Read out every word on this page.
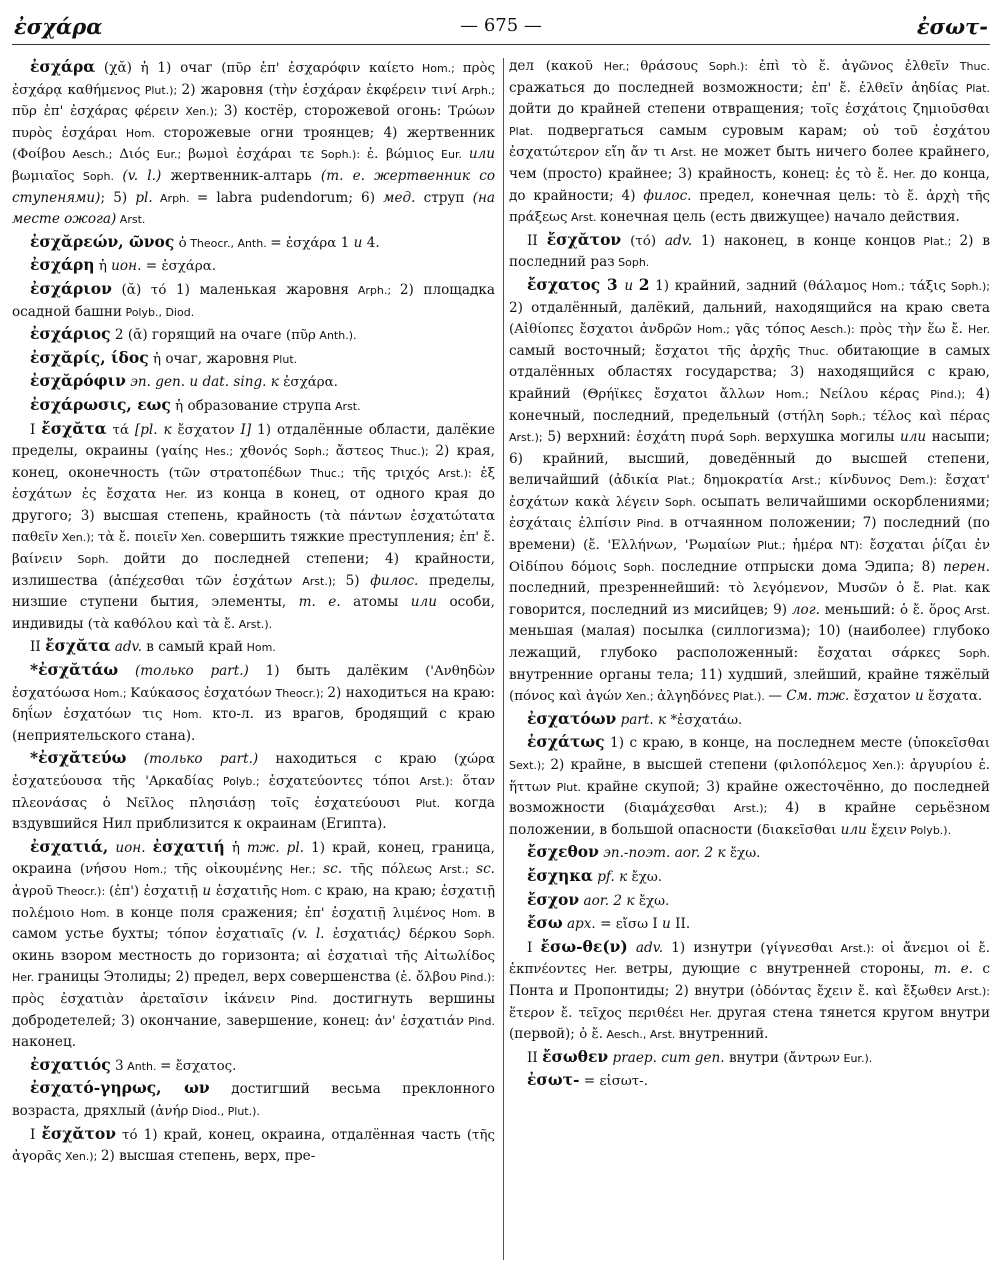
ἐσχάρα	— 675 —	ἐσωτ-

ἐσχάρα (χᾰ) ἡ 1) очаг (πῦρ ἐπ' ἐσχαρόφιν καίετο Hom.; πρὸς ἐσχάρᾳ καθήμενος Plut.); 2) жаровня (τὴν ἐσχάραν ἐκφέρειν τινί Arph.; πῦρ ἐπ' ἐσχάρας φέρειν Xen.); 3) костёр, сторожевой огонь: Τρώων πυρὸς ἐσχάραι Hom. сторожевые огни троянцев; 4) жертвенник (Φοίβου Aesch.; Διός Eur.; βωμοὶ ἐσχάραι τε Soph.): ἐ. βώμιος Eur. или βωμιαῖος Soph. (v. l.) жертвенник-алтарь (т. е. жертвенник со ступенями); 5) pl. Arph. = labra pudendorum; 6) мед. струп (на месте ожога) Arst.

ἐσχᾰρεών, ῶνος ὁ Theocr., Anth. = ἐσχάρα 1 и 4.

ἐσχάρη ἡ ион. = ἐσχάρα.

ἐσχάριον (ᾰ) τό 1) маленькая жаровня Arph.; 2) площадка осадной башни Polyb., Diod.

ἐσχάριος 2 (ᾰ) горящий на очаге (πῦρ Anth.).

ἐσχᾰρίς, ίδος ἡ очаг, жаровня Plut.

ἐσχᾰρόφιν эп. gen. и dat. sing. к ἐσχάρα.

ἐσχάρωσις, εως ἡ образование струпа Arst.

I ἔσχᾰτα τά [pl. к ἔσχατον I] 1) отдалённые области, далёкие пределы, окраины (γαίης Hes.; χθονός Soph.; ἄστεος Thuc.); 2) края, конец, оконечность (τῶν στρατοπέδων Thuc.; τῆς τριχός Arst.): ἐξ ἐσχάτων ἐς ἔσχατα Her. из конца в конец, от одного края до другого; 3) высшая степень, крайность (τὰ πάντων ἐσχατώτατα παθεῖν Xen.); τὰ ἔ. ποιεῖν Xen. совершить тяжкие преступления; ἐπ' ἔ. βαίνειν Soph. дойти до последней степени; 4) крайности, излишества (ἀπέχεσθαι τῶν ἐσχάτων Arst.); 5) филос. пределы, низшие ступени бытия, элементы, т. е. атомы или особи, индивиды (τὰ καθόλου καὶ τὰ ἔ. Arst.).

II ἔσχᾰτα adv. в самый край Hom.

*ἐσχᾰτάω (только part.) 1) быть далёким ('Ανθηδὼν ἐσχατόωσα Hom.; Καύκασος ἐσχατόων Theocr.); 2) находиться на краю: δηΐων ἐσχατόων τις Hom. кто-л. из врагов, бродящий с краю (неприятельского стана).

*ἐσχᾰτεύω (только part.) находиться с краю (χώρα ἐσχατεύουσα τῆς 'Αρκαδίας Polyb.; ἐσχατεύοντες τόποι Arst.): ὅταν πλεονάσας ὁ Νεῖλος πλησιάσῃ τοῖς ἐσχατεύουσι Plut. когда вздувшийся Нил приблизится к окраинам (Египта).

ἐσχατιά, ион. ἐσχατιή ἡ тж. pl. 1) край, конец, граница, окраина (νήσου Hom.; τῆς οἰκουμένης Her.; sc. τῆς πόλεως Arst.; sc. ἀγροῦ Theocr.): (ἐπ') ἐσχατιῇ и ἐσχατιῆς Hom. с краю, на краю; ἐσχατιῇ πολέμοιο Hom. в конце поля сражения; ἐπ' ἐσχατιῇ λιμένος Hom. в самом устье бухты; τόπον ἐσχατιαῖς (v. l. ἐσχατιάς) δέρκου Soph. окинь взором местность до горизонта; αἱ ἐσχατιαὶ τῆς Αἰτωλίδος Her. границы Этолиды; 2) предел, верх совершенства (ἐ. ὄλβου Pind.): πρὸς ἐσχατιὰν ἀρεταῖσιν ἱκάνειν Pind. достигнуть вершины добродетелей; 3) окончание, завершение, конец: ἀν' ἐσχατιάν Pind. наконец.

ἐσχατιός 3 Anth. = ἔσχατος.

ἐσχατό-γηρως, ων достигший весьма преклонного возраста, дряхлый (ἀνήρ Diod., Plut.).

I ἔσχᾰτον τό 1) край, конец, окраина, отдалённая часть (τῆς ἀγορᾶς Xen.); 2) высшая степень, верх, пре-

дел (κακοῦ Her.; θράσους Soph.): ἐπὶ τὸ ἔ. ἀγῶνος ἐλθεῖν Thuc. сражаться до последней возможности; ἐπ' ἔ. ἐλθεῖν ἀηδίας Plat. дойти до крайней степени отвращения; τοῖς ἐσχάτοις ζημιοῦσθαι Plat. подвергаться самым суровым карам; οὐ τοῦ ἐσχάτου ἐσχατώτερον εἴη ἄν τι Arst. не может быть ничего более крайнего, чем (просто) крайнее; 3) крайность, конец: ἐς τὸ ἔ. Her. до конца, до крайности; 4) филос. предел, конечная цель: τὸ ἔ. ἀρχὴ τῆς πράξεως Arst. конечная цель (есть движущее) начало действия.

II ἔσχᾰτον (τό) adv. 1) наконец, в конце концов Plat.; 2) в последний раз Soph.

ἔσχατος 3 и 2 1) крайний, задний (θάλαμος Hom.; τάξις Soph.); 2) отдалённый, далёкий, дальний, находящийся на краю света (Αἰθίοπες ἔσχατοι ἀνδρῶν Hom.; γᾶς τόπος Aesch.): πρὸς τὴν ἕω ἔ. Her. самый восточный; ἔσχατοι τῆς ἀρχῆς Thuc. обитающие в самых отдалённых областях государства; 3) находящийся с краю, крайний (Θρήϊκες ἔσχατοι ἄλλων Hom.; Νείλου κέρας Pind.); 4) конечный, последний, предельный (στήλη Soph.; τέλος καὶ πέρας Arst.); 5) верхний: ἐσχάτη πυρά Soph. верхушка могилы или насыпи; 6) крайний, высший, доведённый до высшей степени, величайший (ἀδικία Plat.; δημοκρατία Arst.; κίνδυνος Dem.): ἔσχατ' ἐσχάτων κακὰ λέγειν Soph. осыпать величайшими оскорблениями; ἐσχάταις ἐλπίσιν Pind. в отчаянном положении; 7) последний (по времени) (ἔ. 'Ελλήνων, 'Ρωμαίων Plut.; ἡμέρα NT): ἔσχαται ῥίζαι ἐν Οἰδίπου δόμοις Soph. последние отпрыски дома Эдипа; 8) перен. последний, презреннейший: τὸ λεγόμενον, Μυσῶν ὁ ἔ. Plat. как говорится, последний из мисийцев; 9) лог. меньший: ὁ ἔ. ὅρος Arst. меньшая (малая) посылка (силлогизма); 10) (наиболее) глубоко лежащий, глубоко расположенный: ἔσχαται σάρκες Soph. внутренние органы тела; 11) худший, злейший, крайне тяжёлый (πόνος καὶ ἀγών Xen.; ἀλγηδόνες Plat.). — См. тж. ἔσχατον и ἔσχατα.

ἐσχατόων part. к *ἐσχατάω.

ἐσχάτως 1) с краю, в конце, на последнем месте (ὑποκεῖσθαι Sext.); 2) крайне, в высшей степени (φιλοπόλεμος Xen.): ἀργυρίου ἐ. ἥττων Plut. крайне скупой; 3) крайне ожесточённо, до последней возможности (διαμάχεσθαι Arst.); 4) в крайне серьёзном положении, в большой опасности (διακεῖσθαι или ἔχειν Polyb.).

ἔσχεθον эп.-поэт. aor. 2 к ἔχω.

ἔσχηκα pf. к ἔχω.

ἔσχον aor. 2 к ἔχω.

ἔσω арх. = εἴσω I и II.

I ἔσω-θε(ν) adv. 1) изнутри (γίγνεσθαι Arst.): οἱ ἄνεμοι οἱ ἔ. ἐκπνέοντες Her. ветры, дующие с внутренней стороны, т. е. с Понта и Пропонтиды; 2) внутри (ὀδόντας ἔχειν ἔ. καὶ ἔξωθεν Arst.): ἕτερον ἔ. τεῖχος περιθέει Her. другая стена тянется кругом внутри (первой); ὁ ἔ. Aesch., Arst. внутренний.

II ἔσωθεν praep. cum gen. внутри (ἄντρων Eur.).

ἐσωτ- = εἰσωτ-.
